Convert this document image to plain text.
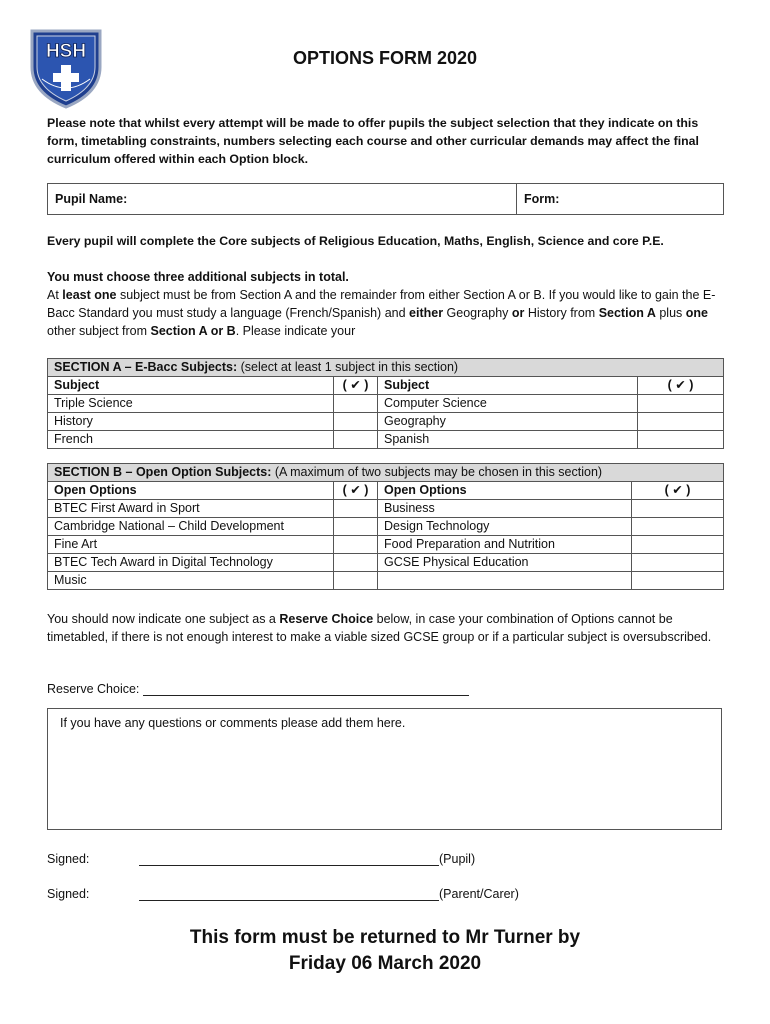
HSH	OPTIONS FORM 2020
Please note that whilst every attempt will be made to offer pupils the subject selection that they indicate on this form, timetabling constraints, numbers selecting each course and other curricular demands may affect the final curriculum offered within each Option block.
Pupil Name:	Form:
Every pupil will complete the Core subjects of Religious Education, Maths, English, Science and core P.E.
You must choose three additional subjects in total.
At least one subject must be from Section A and the remainder from either Section A or B. If you would like to gain the E-Bacc Standard you must study a language (French/Spanish) and either Geography or History from Section A plus one other subject from Section A or B. Please indicate your
SECTION A – E-Bacc Subjects: (select at least 1 subject in this section)			
Subject	( ✔ )	Subject	( ✔ )
Triple Science		Computer Science	
History		Geography	
French		Spanish	
SECTION B – Open Option Subjects: (A maximum of two subjects may be chosen in this section)			
Open Options	( ✔ )	Open Options	( ✔ )
BTEC First Award in Sport		Business	
Cambridge National – Child Development		Design Technology	
Fine Art		Food Preparation and Nutrition	
BTEC Tech Award in Digital Technology		GCSE Physical Education	
Music			
You should now indicate one subject as a Reserve Choice below, in case your combination of Options cannot be timetabled, if there is not enough interest to make a viable sized GCSE group or if a particular subject is oversubscribed.
Reserve Choice:
If you have any questions or comments please add them here.
Signed:	(Pupil)
Signed:	(Parent/Carer)
This form must be returned to Mr Turner by
Friday 06 March 2020
